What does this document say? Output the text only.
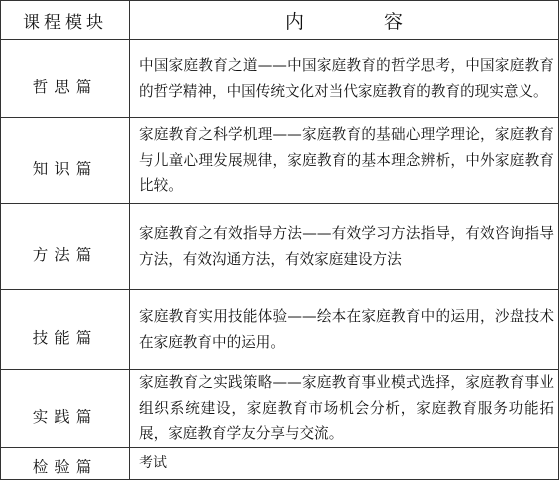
课程模块	内容
哲思篇	中国家庭教育之道——中国家庭教育的哲学思考，中国家庭教育的哲学精神，中国传统文化对当代家庭教育的教育的现实意义。
知识篇	家庭教育之科学机理——家庭教育的基础心理学理论，家庭教育与儿童心理发展规律，家庭教育的基本理念辨析，中外家庭教育比较。
方法篇	家庭教育之有效指导方法——有效学习方法指导，有效咨询指导方法，有效沟通方法，有效家庭建设方法
技能篇	家庭教育实用技能体验——绘本在家庭教育中的运用，沙盘技术在家庭教育中的运用。
实践篇	家庭教育之实践策略——家庭教育事业模式选择，家庭教育事业组织系统建设，家庭教育市场机会分析，家庭教育服务功能拓展，家庭教育学友分享与交流。
检验篇	考试
